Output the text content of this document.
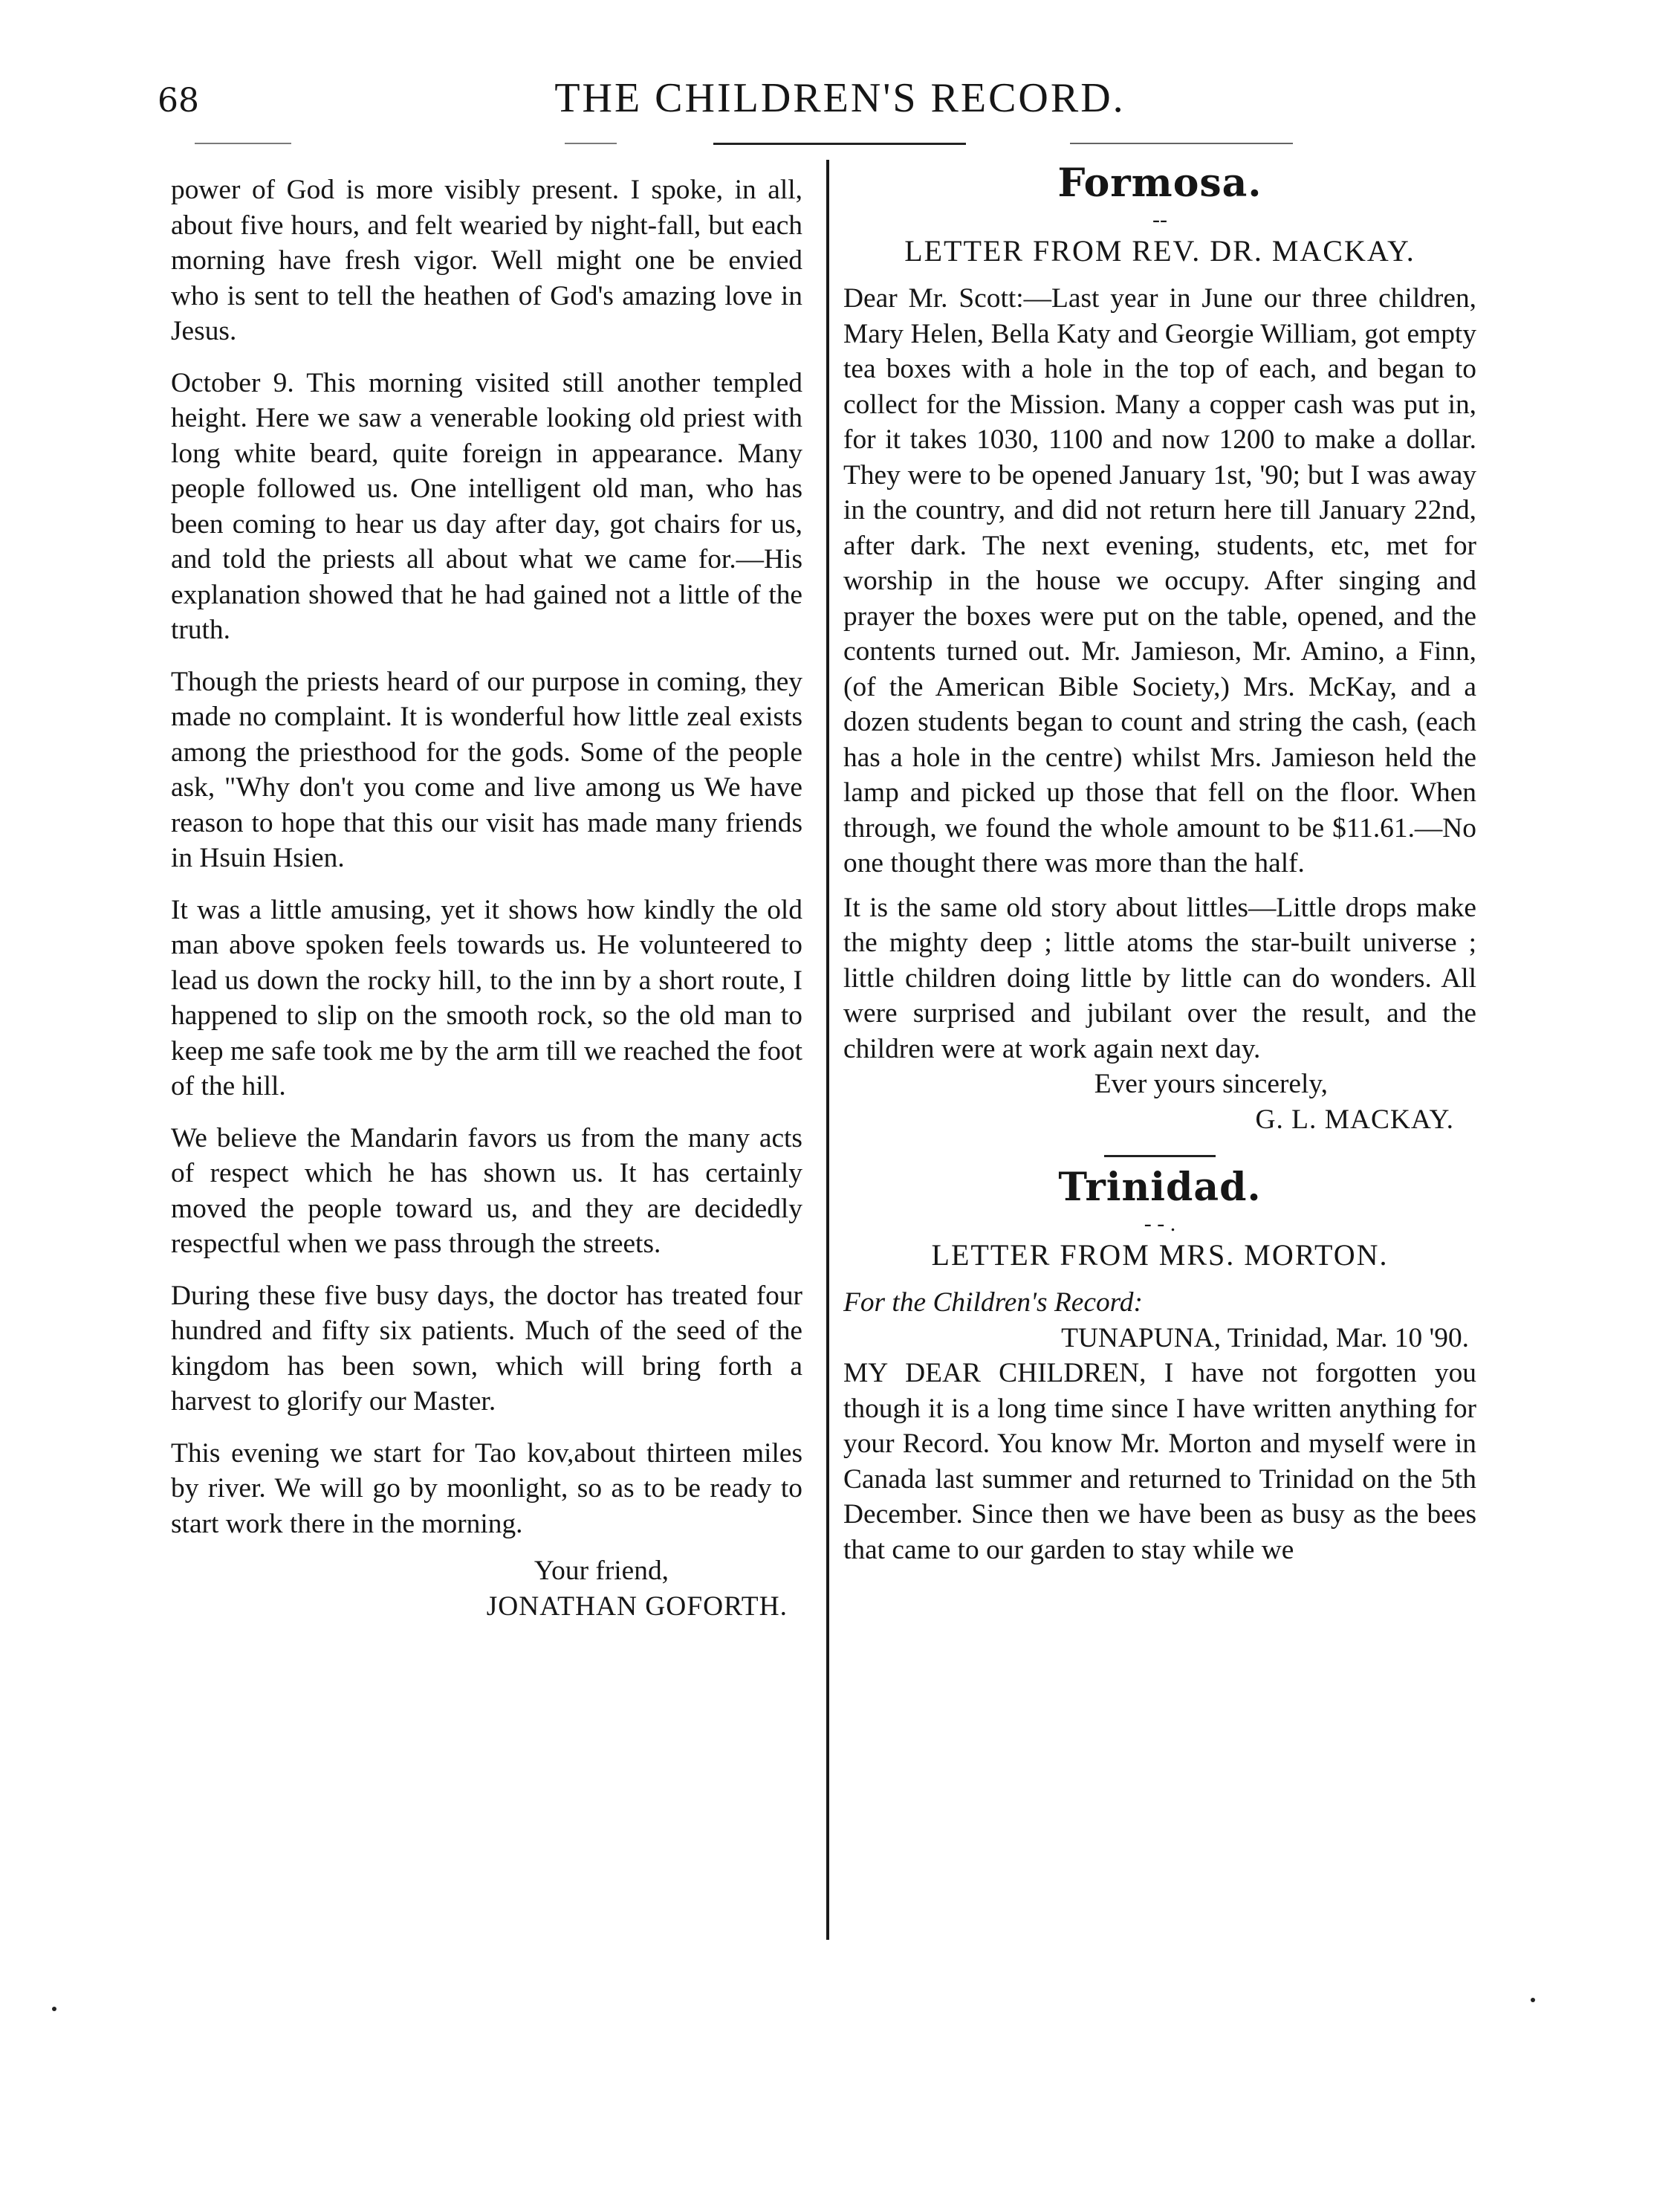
68	THE CHILDREN'S RECORD.

power of God is more visibly present. I spoke, in all, about five hours, and felt wearied by night-fall, but each morning have fresh vigor. Well might one be envied who is sent to tell the heathen of God's amazing love in Jesus.

October 9. This morning visited still another templed height. Here we saw a venerable looking old priest with long white beard, quite foreign in appearance. Many people followed us. One intelligent old man, who has been coming to hear us day after day, got chairs for us, and told the priests all about what we came for.—His explanation showed that he had gained not a little of the truth.

Though the priests heard of our purpose in coming, they made no complaint. It is wonderful how little zeal exists among the priesthood for the gods. Some of the people ask, "Why don't you come and live among us We have reason to hope that this our visit has made many friends in Hsuin Hsien.

It was a little amusing, yet it shows how kindly the old man above spoken feels towards us. He volunteered to lead us down the rocky hill, to the inn by a short route, I happened to slip on the smooth rock, so the old man to keep me safe took me by the arm till we reached the foot of the hill.

We believe the Mandarin favors us from the many acts of respect which he has shown us. It has certainly moved the people toward us, and they are decidedly respectful when we pass through the streets.

During these five busy days, the doctor has treated four hundred and fifty six patients. Much of the seed of the kingdom has been sown, which will bring forth a harvest to glorify our Master.

This evening we start for Tao kov,about thirteen miles by river. We will go by moonlight, so as to be ready to start work there in the morning.

Your friend,

JONATHAN GOFORTH.

Formosa.
--
LETTER FROM REV. DR. MACKAY.

Dear Mr. Scott:—Last year in June our three children, Mary Helen, Bella Katy and Georgie William, got empty tea boxes with a hole in the top of each, and began to collect for the Mission. Many a copper cash was put in, for it takes 1030, 1100 and now 1200 to make a dollar. They were to be opened January 1st, '90; but I was away in the country, and did not return here till January 22nd, after dark. The next evening, students, etc, met for worship in the house we occupy. After singing and prayer the boxes were put on the table, opened, and the contents turned out. Mr. Jamieson, Mr. Amino, a Finn, (of the American Bible Society,) Mrs. McKay, and a dozen students began to count and string the cash, (each has a hole in the centre) whilst Mrs. Jamieson held the lamp and picked up those that fell on the floor. When through, we found the whole amount to be $11.61.—No one thought there was more than the half.

It is the same old story about littles—Little drops make the mighty deep ; little atoms the star-built universe ; little children doing little by little can do wonders. All were surprised and jubilant over the result, and the children were at work again next day.

Ever yours sincerely,

G. L. MACKAY.

Trinidad.
- - .
LETTER FROM MRS. MORTON.

For the Children's Record:

TUNAPUNA, Trinidad, Mar. 10 '90.

MY DEAR CHILDREN, I have not forgotten you though it is a long time since I have written anything for your Record. You know Mr. Morton and myself were in Canada last summer and returned to Trinidad on the 5th December. Since then we have been as busy as the bees that came to our garden to stay while we
